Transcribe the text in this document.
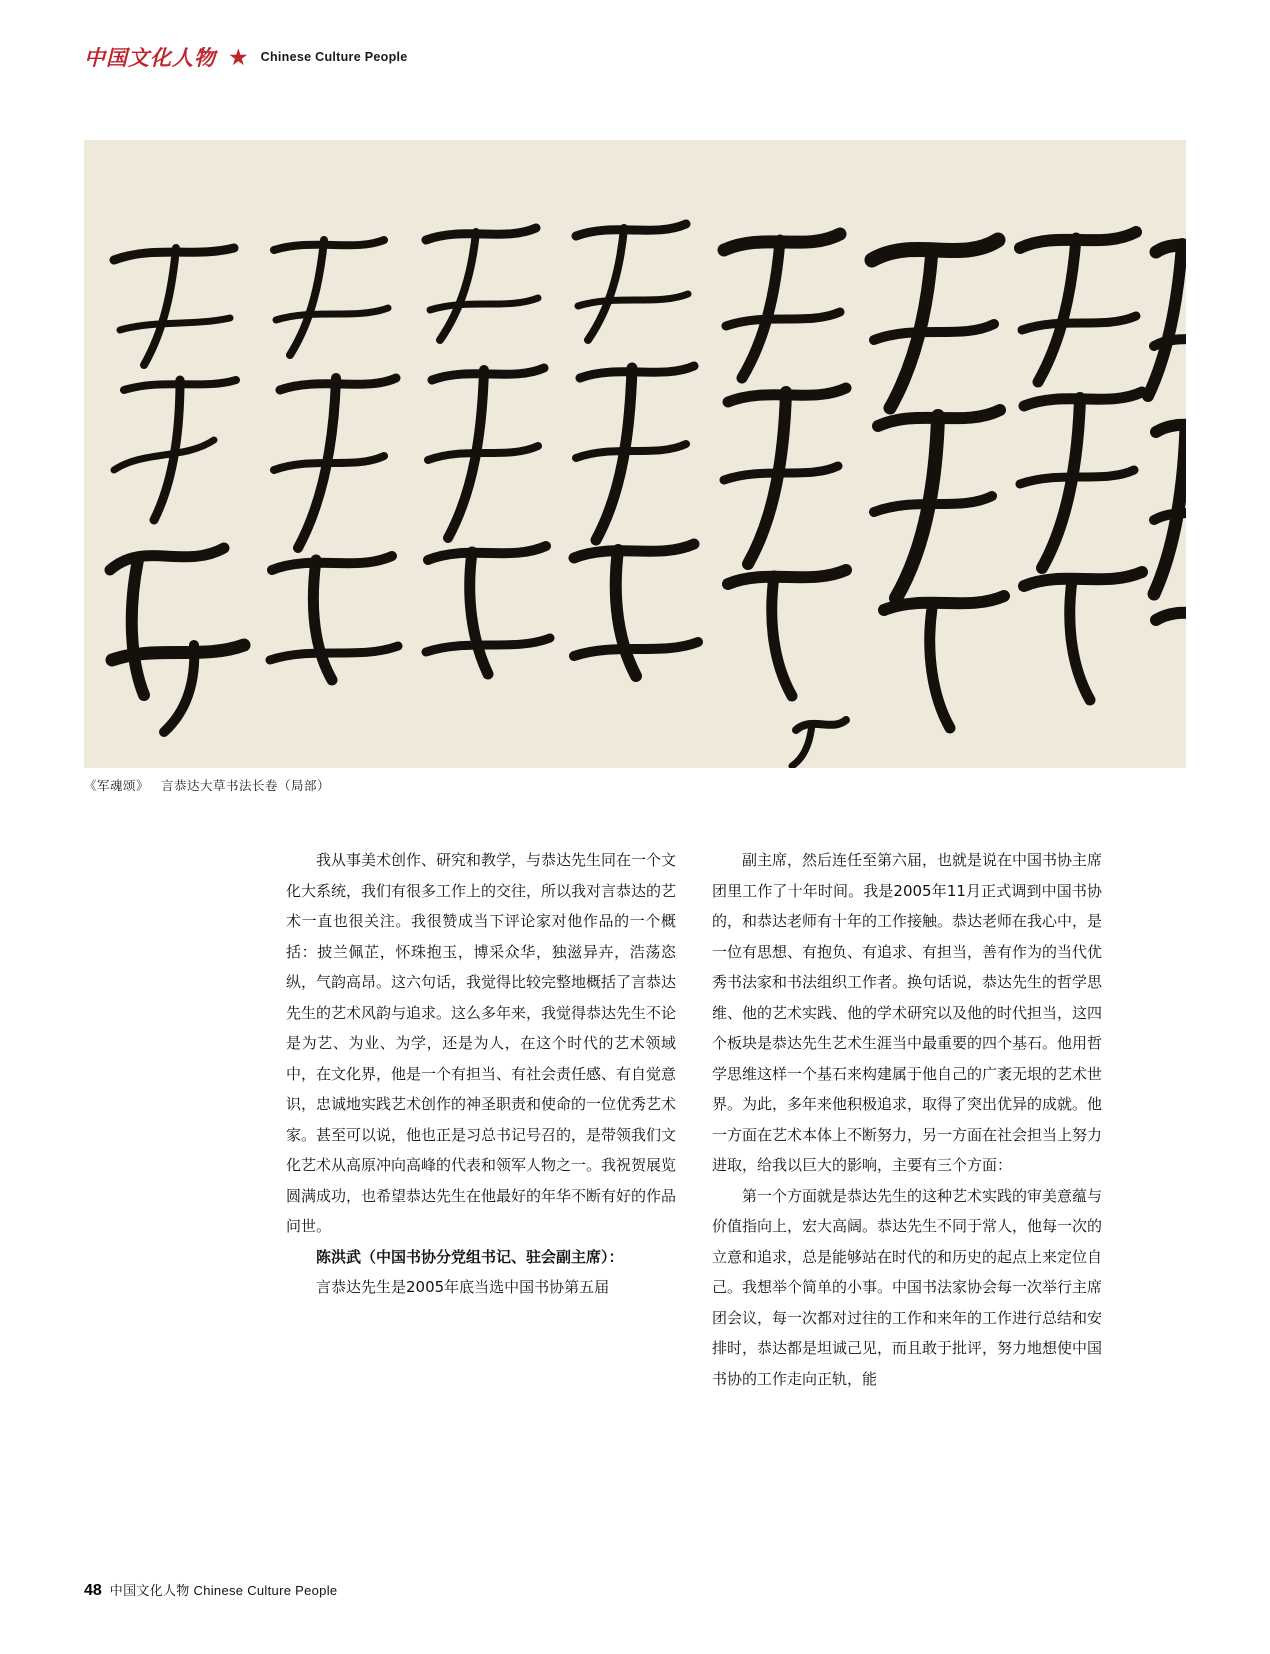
中国文化人物 ★ Chinese Culture People
《军魂颂》 言恭达大草书法长卷（局部）

我从事美术创作、研究和教学，与恭达先生同在一个文化大系统，我们有很多工作上的交往，所以我对言恭达的艺术一直也很关注。我很赞成当下评论家对他作品的一个概括：披兰佩芷，怀珠抱玉，博采众华，独滋异卉，浩荡恣纵，气韵高昂。这六句话，我觉得比较完整地概括了言恭达先生的艺术风韵与追求。这么多年来，我觉得恭达先生不论是为艺、为业、为学，还是为人，在这个时代的艺术领域中，在文化界，他是一个有担当、有社会责任感、有自觉意识，忠诚地实践艺术创作的神圣职责和使命的一位优秀艺术家。甚至可以说，他也正是习总书记号召的，是带领我们文化艺术从高原冲向高峰的代表和领军人物之一。我祝贺展览圆满成功，也希望恭达先生在他最好的年华不断有好的作品问世。

陈洪武（中国书协分党组书记、驻会副主席）：

言恭达先生是2005年底当选中国书协第五届

副主席，然后连任至第六届，也就是说在中国书协主席团里工作了十年时间。我是2005年11月正式调到中国书协的，和恭达老师有十年的工作接触。恭达老师在我心中，是一位有思想、有抱负、有追求、有担当，善有作为的当代优秀书法家和书法组织工作者。换句话说，恭达先生的哲学思维、他的艺术实践、他的学术研究以及他的时代担当，这四个板块是恭达先生艺术生涯当中最重要的四个基石。他用哲学思维这样一个基石来构建属于他自己的广袤无垠的艺术世界。为此，多年来他积极追求，取得了突出优异的成就。他一方面在艺术本体上不断努力，另一方面在社会担当上努力进取，给我以巨大的影响，主要有三个方面：

第一个方面就是恭达先生的这种艺术实践的审美意蕴与价值指向上，宏大高阔。恭达先生不同于常人，他每一次的立意和追求，总是能够站在时代的和历史的起点上来定位自己。我想举个简单的小事。中国书法家协会每一次举行主席团会议，每一次都对过往的工作和来年的工作进行总结和安排时，恭达都是坦诚己见，而且敢于批评，努力地想使中国书协的工作走向正轨，能

48 中国文化人物 Chinese Culture People
